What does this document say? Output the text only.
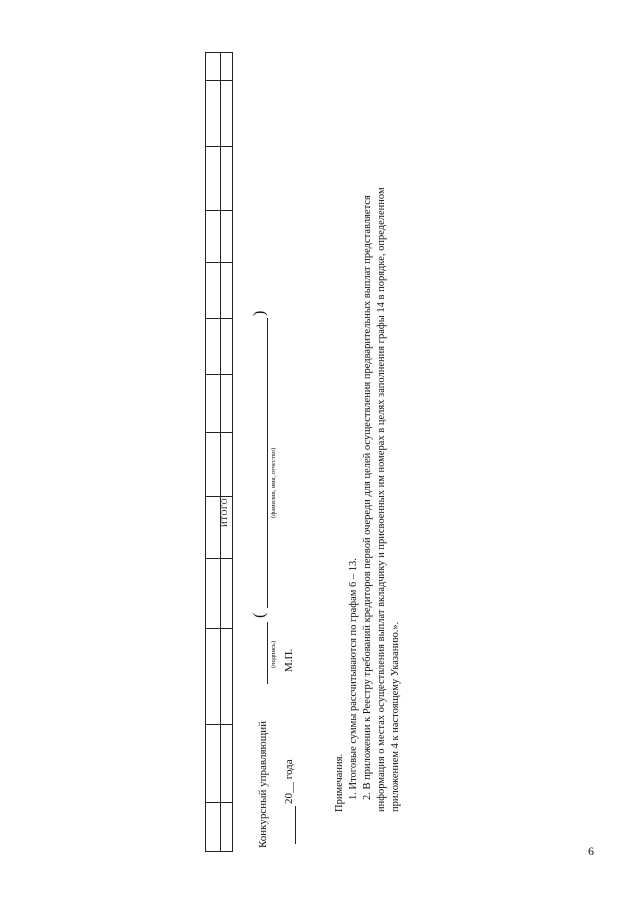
ИТОГО
Конкурсный управляющий
(подпись)
(
(фамилия, имя, отчество)
)
20__ года
М.П.

Примечания. 1. Итоговые суммы рассчитываются по графам 6 – 13. 2. В приложении к Реестру требований кредиторов первой очереди для целей осуществления предварительных выплат представляется информация о местах осуществления выплат вкладчику и присвоенных им номерах в целях заполнения графы 14 в порядке, определенном приложением 4 к настоящему Указанию.».

6
